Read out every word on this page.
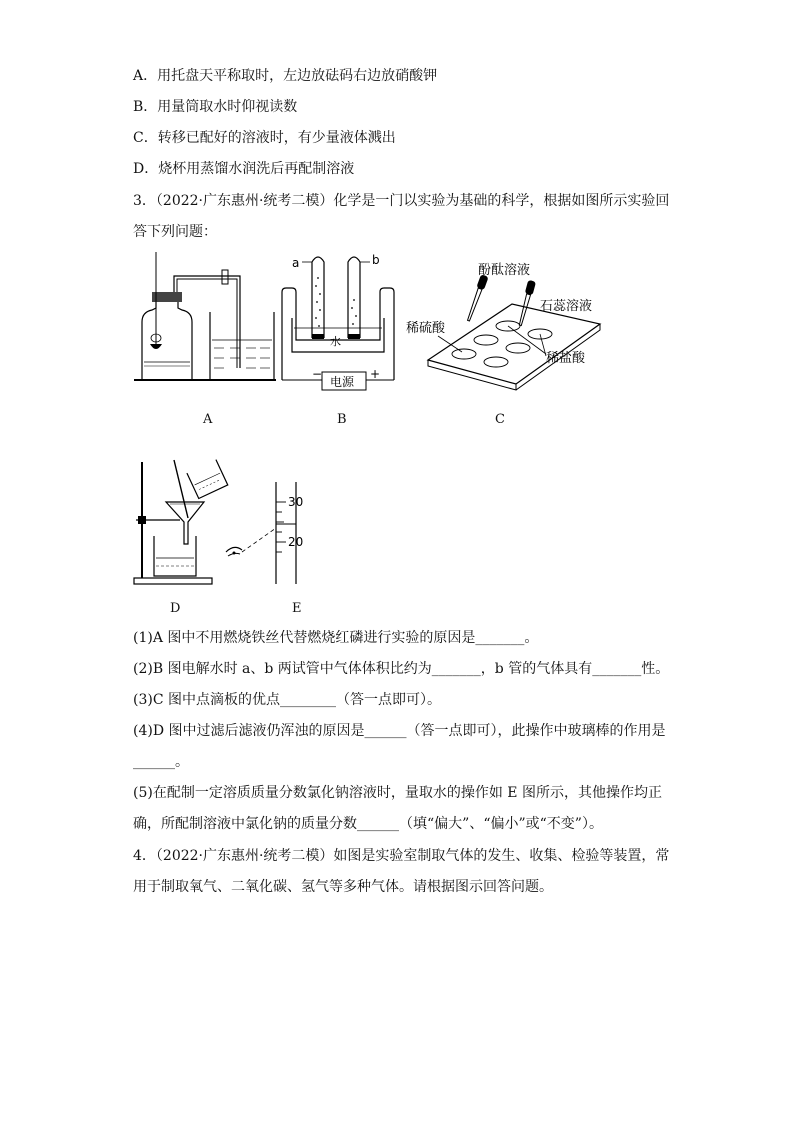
A．用托盘天平称取时，左边放砝码右边放硝酸钾
B．用量筒取水时仰视读数
C．转移已配好的溶液时，有少量液体溅出
D．烧杯用蒸馏水润洗后再配制溶液
3．（2022·广东惠州·统考二模）化学是一门以实验为基础的科学，根据如图所示实验回
答下列问题：
a	b
水
电源
−	+
酚酞溶液
石蕊溶液
稀硫酸
稀盐酸
A	B	C
30
20
D	E
(1)A 图中不用燃烧铁丝代替燃烧红磷进行实验的原因是_______。
(2)B 图电解水时 a、b 两试管中气体体积比约为_______，b 管的气体具有_______性。
(3)C 图中点滴板的优点________（答一点即可）。
(4)D 图中过滤后滤液仍浑浊的原因是______（答一点即可），此操作中玻璃棒的作用是
______。
(5)在配制一定溶质质量分数氯化钠溶液时，量取水的操作如 E 图所示，其他操作均正
确，所配制溶液中氯化钠的质量分数______（填“偏大”、“偏小”或“不变”）。
4．（2022·广东惠州·统考二模）如图是实验室制取气体的发生、收集、检验等装置，常
用于制取氧气、二氧化碳、氢气等多种气体。请根据图示回答问题。
